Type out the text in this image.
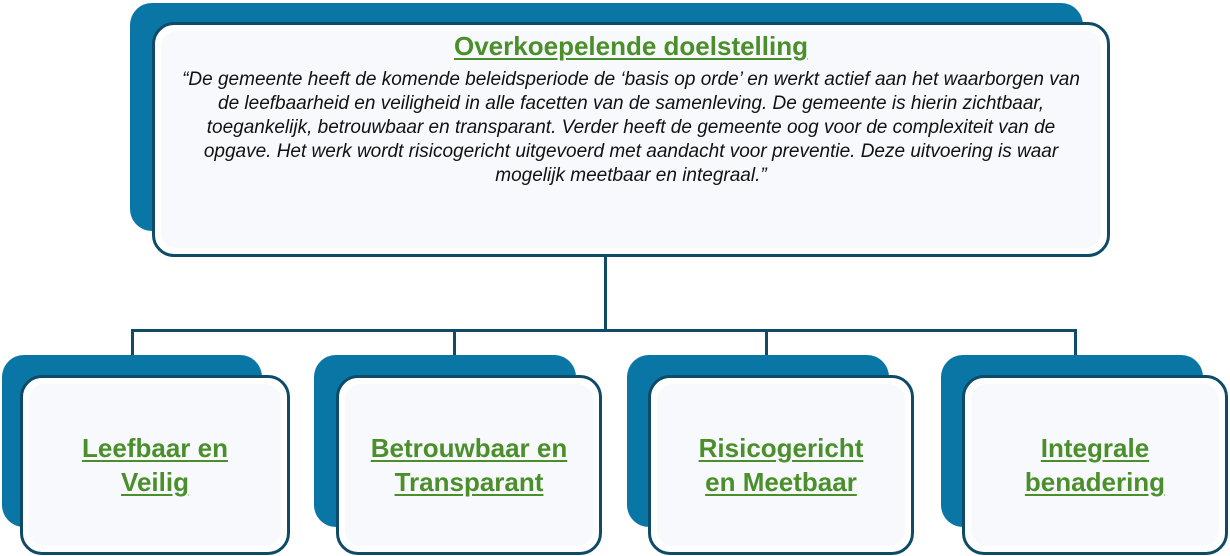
Overkoepelende doelstelling
“De gemeente heeft de komende beleidsperiode de ‘basis op orde’ en werkt actief aan het waarborgen van de leefbaarheid en veiligheid in alle facetten van de samenleving. De gemeente is hierin zichtbaar, toegankelijk, betrouwbaar en transparant. Verder heeft de gemeente oog voor de complexiteit van de opgave. Het werk wordt risicogericht uitgevoerd met aandacht voor preventie. Deze uitvoering is waar mogelijk meetbaar en integraal.”
Leefbaar en
Veilig
Betrouwbaar en
Transparant
Risicogericht
en Meetbaar
Integrale
benadering
